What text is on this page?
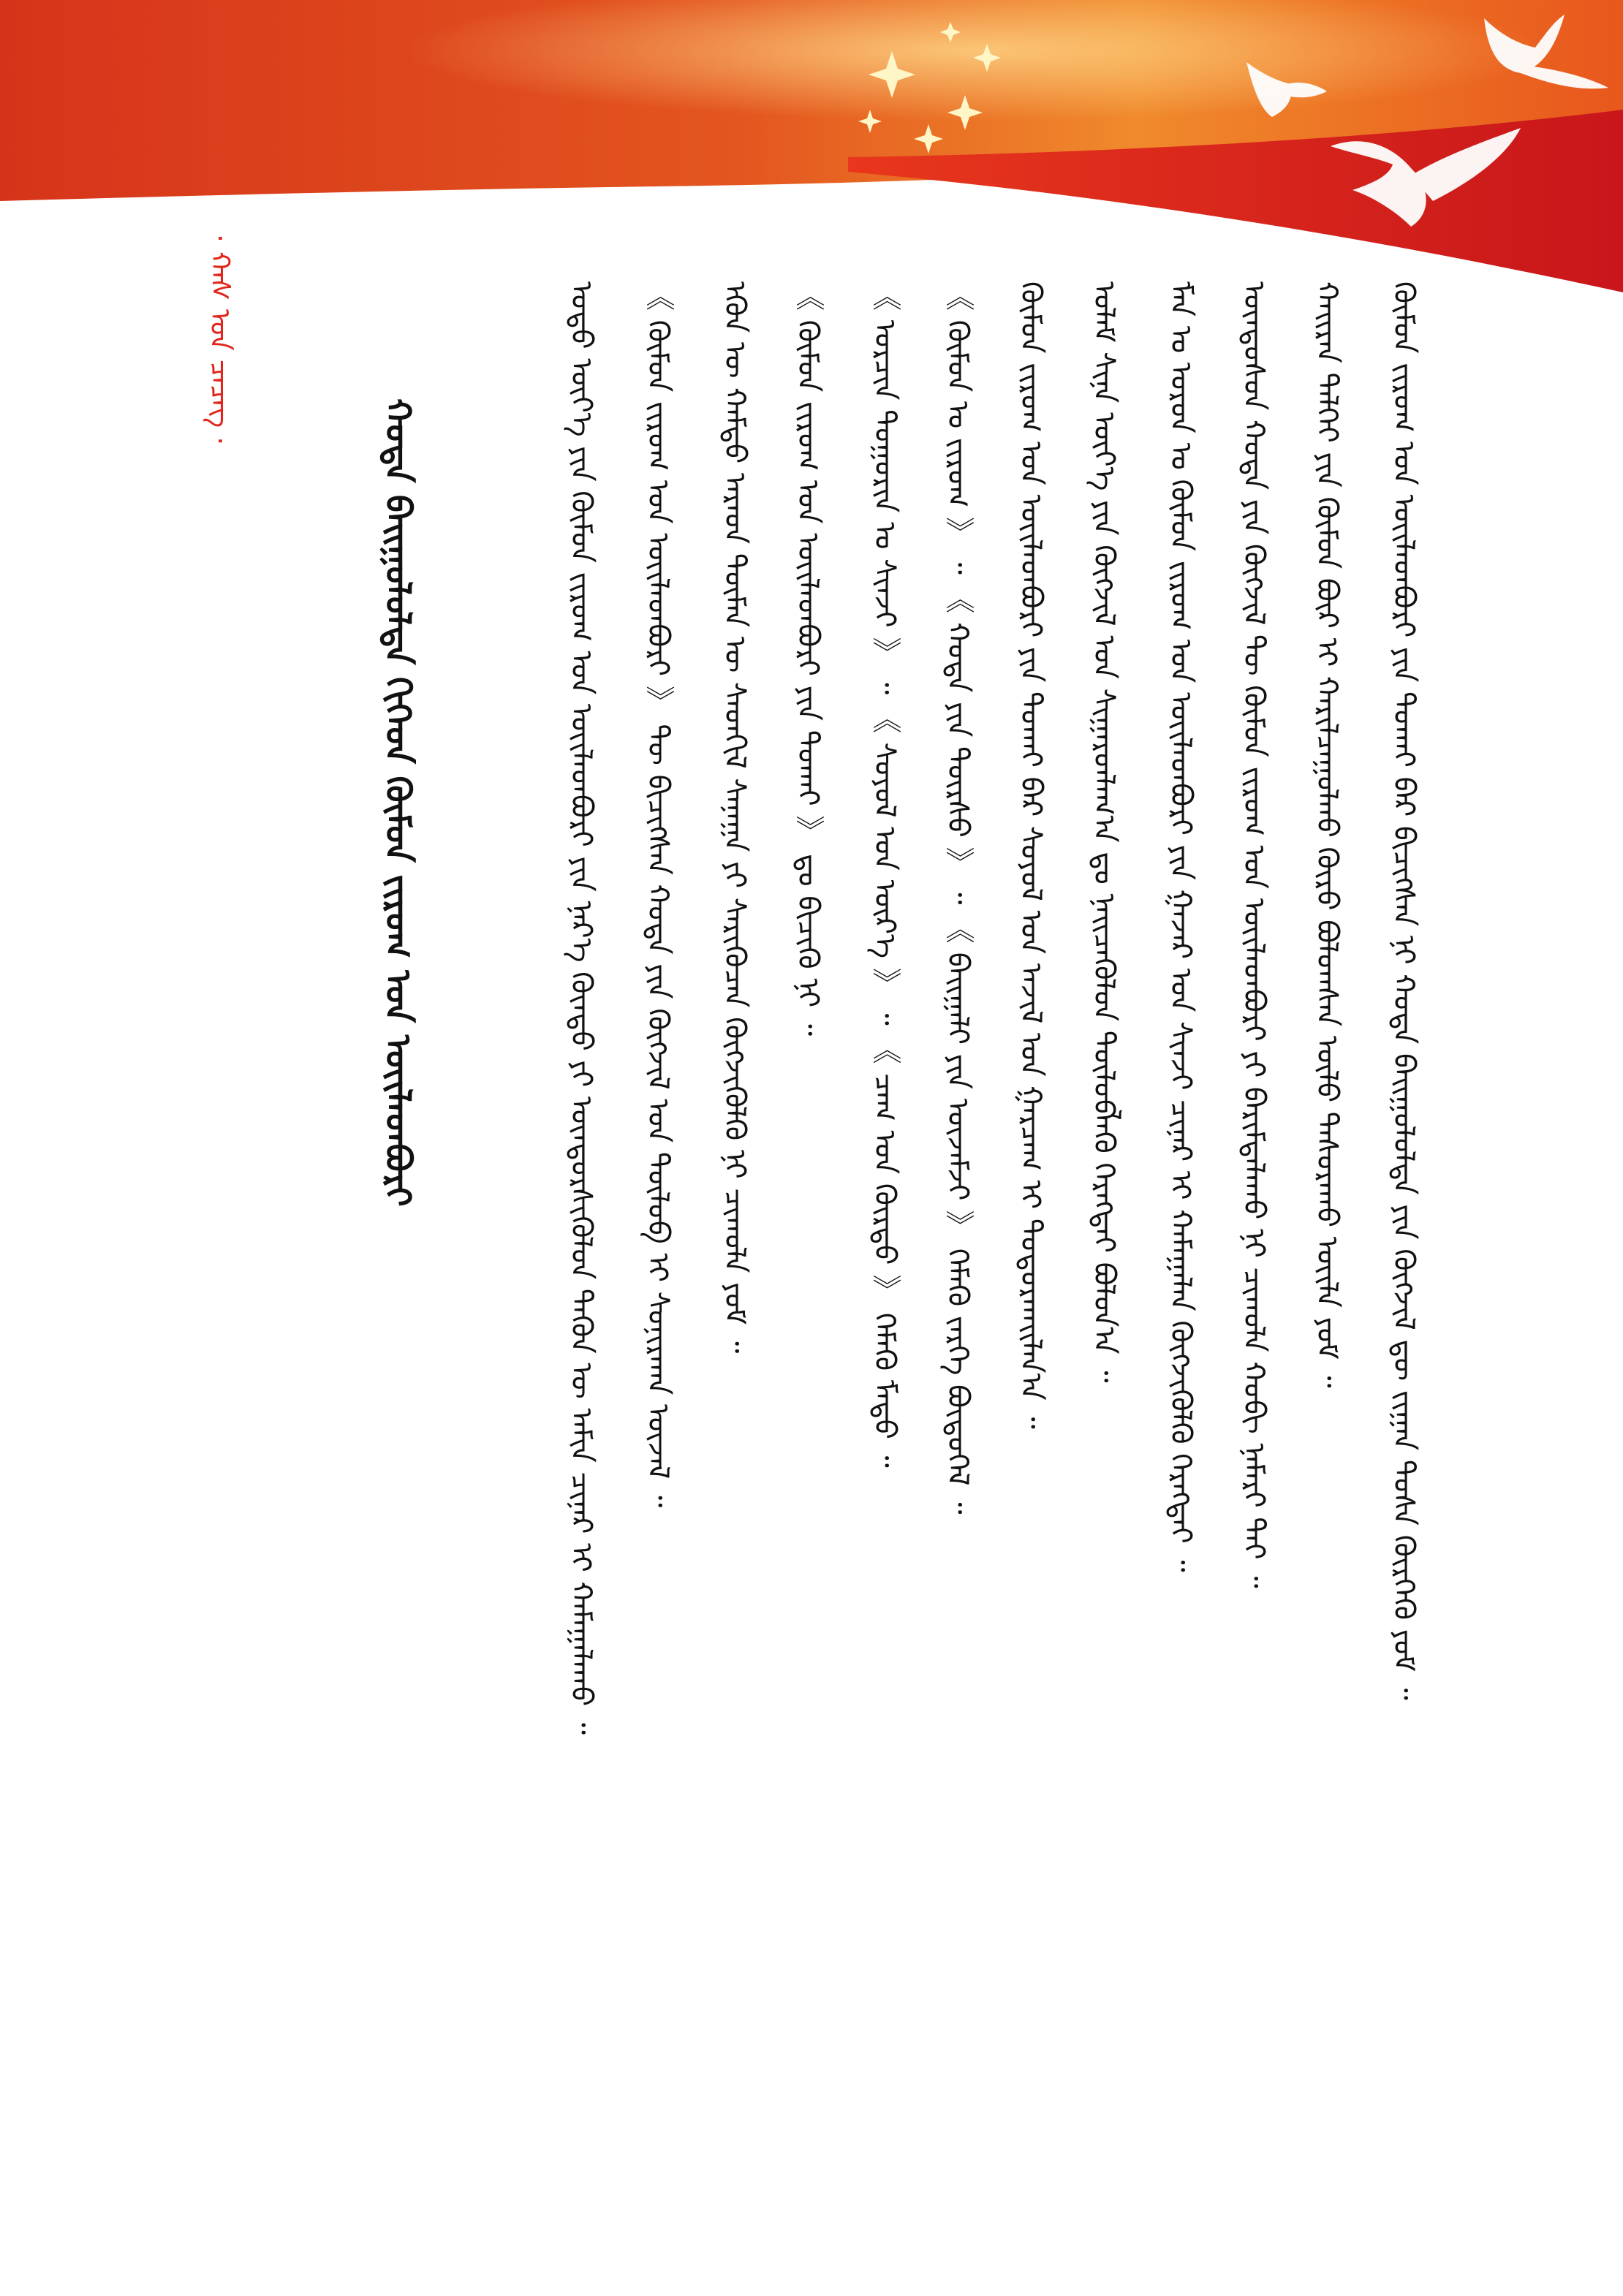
· ᠬᠠᠰ ᠤᠨ ᠴᠡᠴᠡᠭ ·
ᠬᠣᠲᠠ ᠪᠠᠢᠭᠤᠯᠤᠯᠲᠠ ᠬᠢᠭᠡᠳ ᠬᠦᠮᠦᠨ ᠵᠢᠷᠤᠭ ᠤᠨ ᠦᠢᠯᠡᠳᠪᠦᠷᠢ	ᠣᠳᠣ ᠦᠶ᠎ᠡ ᠶᠢᠨ ᠬᠦᠮᠦᠨ ᠵᠢᠷᠤᠭ ᠤᠨ ᠦᠢᠯᠡᠳᠪᠦᠷᠢ ᠶᠢᠨ ᠨᠡᠷ᠎ᠡ ᠬᠦᠨᠳᠦ ᠶᠢ ᠥᠨᠳᠥᠷᠰᠢᠭᠦᠯᠦᠨ ᠲᠡᠭᠦᠨ ᠦ ᠠᠮᠢᠨ ᠴᠢᠨᠠᠷ ᠢ ᠬᠠᠮᠠᠭᠠᠯᠠᠬᠤ ᠃ 《 ᠬᠦᠮᠦᠨ ᠵᠢᠷᠤᠭ ᠤᠨ ᠦᠢᠯᠡᠳᠪᠦᠷᠢ 》 ᠲᠦ ᠪᠢᠴᠢᠭᠰᠡᠨ ᠬᠣᠲᠠ ᠶᠢᠨ ᠬᠥᠭᠵᠢᠯ ᠤᠨ ᠲᠥᠯᠥᠪ ᠢ ᠰᠣᠨᠢᠷᠬᠠᠨ ᠦᠵᠡᠯ ᠃ ᠡᠭᠦᠨ ᠦ ᠬᠠᠮᠲᠤ ᠠᠷᠠᠳ ᠲᠦᠮᠡᠨ ᠦ ᠰᠡᠳᠭᠢᠯ ᠰᠠᠨᠠᠭᠠ ᠶᠢ ᠰᠡᠷᠢᠭᠦᠴᠡᠨ ᠬᠥᠭᠵᠢᠭᠦᠯᠬᠦ ᠨᠢ ᠴᠢᠬᠤᠯᠠ ᠶᠤᠮ ᠃ 《 ᠬᠦᠮᠦᠨ ᠵᠢᠷᠤᠭ ᠤᠨ ᠦᠢᠯᠡᠳᠪᠦᠷᠢ ᠶᠢᠨ ᠲᠤᠬᠠᠢ 》 ᠳᠤ ᠪᠢᠴᠢᠬᠦ ᠨᠢ ᠃ 《 ᠣᠷᠴᠢᠨ ᠲᠣᠭᠣᠷᠢᠨ ᠤ ᠰᠢᠨᠵᠢ 》 ᠃ 《 ᠰᠣᠶᠣᠯ ᠤᠨ ᠦᠷ᠎ᠡ 》 ᠃ 《 ᠴᠠᠭ ᠤᠨ ᠬᠦᠷᠳᠦ 》 ᠬᠡᠮᠡᠬᠦ ᠮᠡᠲᠦ ᠃ 《 ᠬᠦᠮᠦᠨ ᠤ ᠵᠢᠷᠤᠭ 》 ᠃ 《 ᠬᠣᠲᠠ ᠶᠢᠨ ᠳᠦᠷᠰᠦ 》 ᠃ 《 ᠪᠠᠢᠭᠠᠯᠢ ᠶᠢᠨ ᠦᠵᠡᠮᠵᠢ 》 ᠬᠡᠮᠡᠬᠦ ᠵᠡᠷᠭᠡ ᠪᠦᠲᠦᠭᠡᠯ ᠃ ᠬᠦᠮᠦᠨ ᠵᠢᠷᠤᠭ ᠤᠨ ᠦᠢᠯᠡᠳᠪᠦᠷᠢ ᠶᠢᠨ ᠲᠤᠬᠠᠢ ᠪᠠᠷ ᠰᠣᠶᠣᠯ ᠤᠨ ᠠᠵᠢᠯ ᠤᠨ ᠭᠠᠷᠴᠠᠭ ᠢ ᠲᠣᠳᠣᠷᠬᠠᠢᠯᠠᠨ᠎ᠠ ᠃ ᠤᠯᠠᠮ ᠰᠢᠨᠡ ᠦᠶ᠎ᠡ ᠶᠢᠨ ᠬᠥᠭᠵᠢᠯ ᠤᠨ ᠰᠢᠭᠠᠷᠳᠯᠠᠭ᠎ᠠ ᠳᠤ ᠨᠡᠢᠴᠡᠭᠦᠯᠦᠨ ᠲᠥᠯᠥᠪᠯᠡᠬᠦ ᠬᠡᠷᠡᠭᠲᠡᠢ ᠪᠣᠯᠤᠨ᠎ᠠ ᠃ ᠮᠠᠨ ᠤ ᠣᠷᠣᠨ ᠤ ᠬᠦᠮᠦᠨ ᠵᠢᠷᠤᠭ ᠤᠨ ᠦᠢᠯᠡᠳᠪᠦᠷᠢ ᠶᠢᠨ ᠭᠠᠵᠠᠷ ᠤᠨ ᠰᠢᠨᠵᠢ ᠴᠢᠨᠠᠷ ᠢ ᠬᠠᠮᠠᠭᠠᠯᠠᠨ ᠬᠥᠭᠵᠢᠭᠦᠯᠬᠦ ᠬᠡᠷᠡᠭᠲᠡᠢ ᠃ ᠦᠨᠳᠦᠰᠦᠨ ᠬᠣᠲᠠ ᠶᠢᠨ ᠬᠥᠭᠵᠢᠯ ᠲᠦ ᠬᠦᠮᠦᠨ ᠵᠢᠷᠤᠭ ᠤᠨ ᠦᠢᠯᠡᠳᠪᠦᠷᠢ ᠶᠢ ᠪᠠᠷᠢᠮᠲᠠᠯᠠᠬᠤ ᠨᠢ ᠴᠢᠬᠤᠯᠠ ᠬᠤᠪᠢ ᠨᠡᠮᠡᠷᠢ ᠲᠡᠢ ᠃ ᠬᠠᠢᠷᠠᠨ ᠳᠡᠯᠬᠡᠢ ᠶᠢᠨ ᠬᠦᠮᠦᠨ ᠪᠦᠷ ᠢ ᠬᠠᠷᠢᠯᠴᠠᠭᠤᠯᠬᠤ ᠭᠦᠷᠦ ᠪᠣᠯᠤᠭᠰᠠᠨ ᠦᠯᠦ ᠲᠠᠰᠤᠷᠠᠬᠤ ᠦᠢᠯᠡ ᠶᠤᠮ ᠃ ᠬᠦᠮᠦᠨ ᠵᠢᠷᠤᠭ ᠤᠨ ᠦᠢᠯᠡᠳᠪᠦᠷᠢ ᠶᠢᠨ ᠲᠤᠬᠠᠢ ᠪᠠᠷ ᠪᠢᠴᠢᠭᠰᠡᠨ ᠨᠢ ᠬᠣᠲᠠ ᠪᠠᠢᠭᠤᠯᠤᠯᠲᠠ ᠶᠢᠨ ᠬᠥᠭᠵᠢᠯ ᠳᠦ ᠵᠢᠭᠠᠨ ᠳᠤᠰᠠ ᠬᠦᠷᠭᠡᠬᠦ ᠶᠤᠮ ᠃
